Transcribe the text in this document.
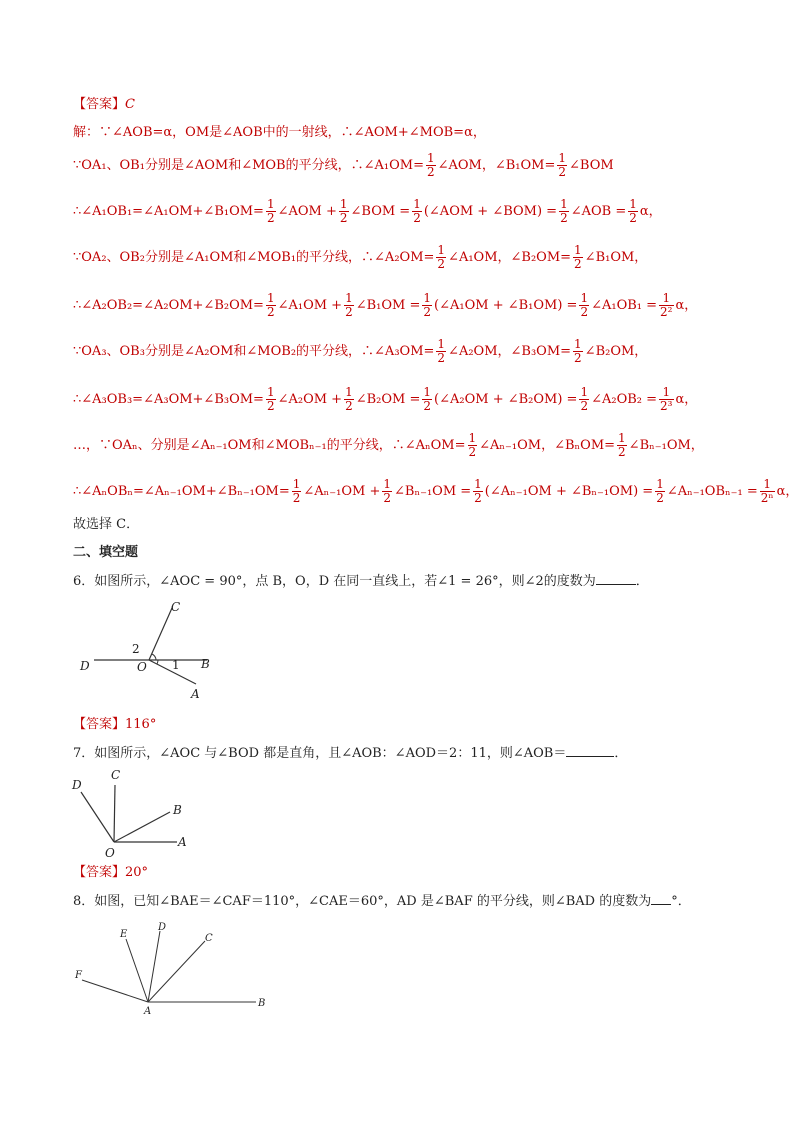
【答案】C
解：∵∠AOB=α，OM是∠AOB中的一射线，∴∠AOM+∠MOB=α，
∵OA₁、OB₁分别是∠AOM和∠MOB的平分线，∴∠A₁OM= $\frac{1}{2}$ ∠AOM，∠B₁OM= $\frac{1}{2}$ ∠BOM
∴∠A₁OB₁=∠A₁OM+∠B₁OM= $\frac{1}{2}$ ∠AOM + $\frac{1}{2}$ ∠BOM = $\frac{1}{2}$ (∠AOM + ∠BOM) = $\frac{1}{2}$ ∠AOB = $\frac{1}{2}$ α，
∵OA₂、OB₂分别是∠A₁OM和∠MOB₁的平分线，∴∠A₂OM= $\frac{1}{2}$ ∠A₁OM，∠B₂OM= $\frac{1}{2}$ ∠B₁OM，
∴∠A₂OB₂=∠A₂OM+∠B₂OM= $\frac{1}{2}$ ∠A₁OM + $\frac{1}{2}$ ∠B₁OM = $\frac{1}{2}$ (∠A₁OM + ∠B₁OM) = $\frac{1}{2}$ ∠A₁OB₁ = $\frac{1}{\text{2²}}$ α，
∵OA₃、OB₃分别是∠A₂OM和∠MOB₂的平分线，∴∠A₃OM= $\frac{1}{2}$ ∠A₂OM，∠B₃OM= $\frac{1}{2}$ ∠B₂OM，
∴∠A₃OB₃=∠A₃OM+∠B₃OM= $\frac{1}{2}$ ∠A₂OM + $\frac{1}{2}$ ∠B₂OM = $\frac{1}{2}$ (∠A₂OM + ∠B₂OM) = $\frac{1}{2}$ ∠A₂OB₂ = $\frac{1}{\text{2³}}$ α，
…，∵OAₙ、分别是∠Aₙ₋₁OM和∠MOBₙ₋₁的平分线，∴∠AₙOM= $\frac{1}{2}$ ∠Aₙ₋₁OM，∠BₙOM= $\frac{1}{2}$ ∠Bₙ₋₁OM，
∴∠AₙOBₙ=∠Aₙ₋₁OM+∠Bₙ₋₁OM= $\frac{1}{2}$ ∠Aₙ₋₁OM + $\frac{1}{2}$ ∠Bₙ₋₁OM = $\frac{1}{2}$ (∠Aₙ₋₁OM + ∠Bₙ₋₁OM) = $\frac{1}{2}$ ∠Aₙ₋₁OBₙ₋₁ = $\frac{1}{\text{2ⁿ}}$ α，
故选择 C．
二、填空题
6．如图所示，∠AOC = 90°，点 B，O，D 在同一直线上，若∠1 = 26°，则∠2的度数为	．
C
D	O	B
A
2
1
【答案】116°
7．如图所示，∠AOC 与∠BOD 都是直角，且∠AOB：∠AOD＝2：11，则∠AOB＝	．
D
C
B
O
A
【答案】20°
8．如图，已知∠BAE＝∠CAF＝110°，∠CAE＝60°，AD 是∠BAF 的平分线，则∠BAD 的度数为 °．
E
D
C
F
A
B
